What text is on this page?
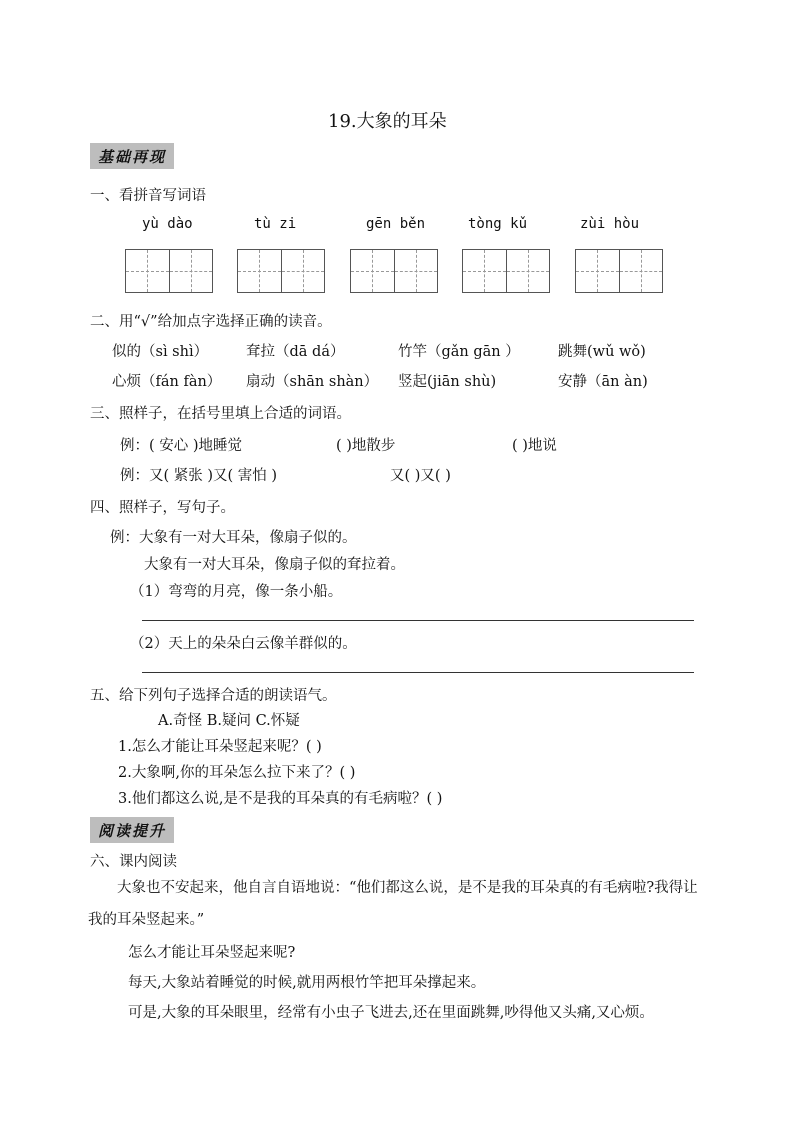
19.大象的耳朵
基础再现
一、看拼音写词语
yù dào	tù zi	gēn běn	tòng kǔ	zùi hòu
二、用“√”给加点字选择正确的读音。
似的（sì shì）	耷拉（dā dá）	竹竿（gǎn gān ）	跳舞(wǔ wǒ)
心烦（fán fàn） 扇动（shān shàn） 竖起(jiān shù)	安静（ān àn)
三、照样子，在括号里填上合适的词语。
例：( 安心 )地睡觉	( )地散步	( )地说
例：又( 紧张 )又( 害怕 )	又( )又( )
四、照样子，写句子。
例：大象有一对大耳朵，像扇子似的。
大象有一对大耳朵，像扇子似的耷拉着。
（1）弯弯的月亮，像一条小船。
（2）天上的朵朵白云像羊群似的。
五、给下列句子选择合适的朗读语气。
A.奇怪 B.疑问 C.怀疑
1.怎么才能让耳朵竖起来呢？( )
2.大象啊,你的耳朵怎么拉下来了？( )
3.他们都这么说,是不是我的耳朵真的有毛病啦？( )
阅读提升
六、课内阅读
大象也不安起来，他自言自语地说：“他们都这么说，是不是我的耳朵真的有毛病啦?我得让我的耳朵竖起来。”
怎么才能让耳朵竖起来呢?
每天,大象站着睡觉的时候,就用两根竹竿把耳朵撑起来。
可是,大象的耳朵眼里，经常有小虫子飞进去,还在里面跳舞,吵得他又头痛,又心烦。
